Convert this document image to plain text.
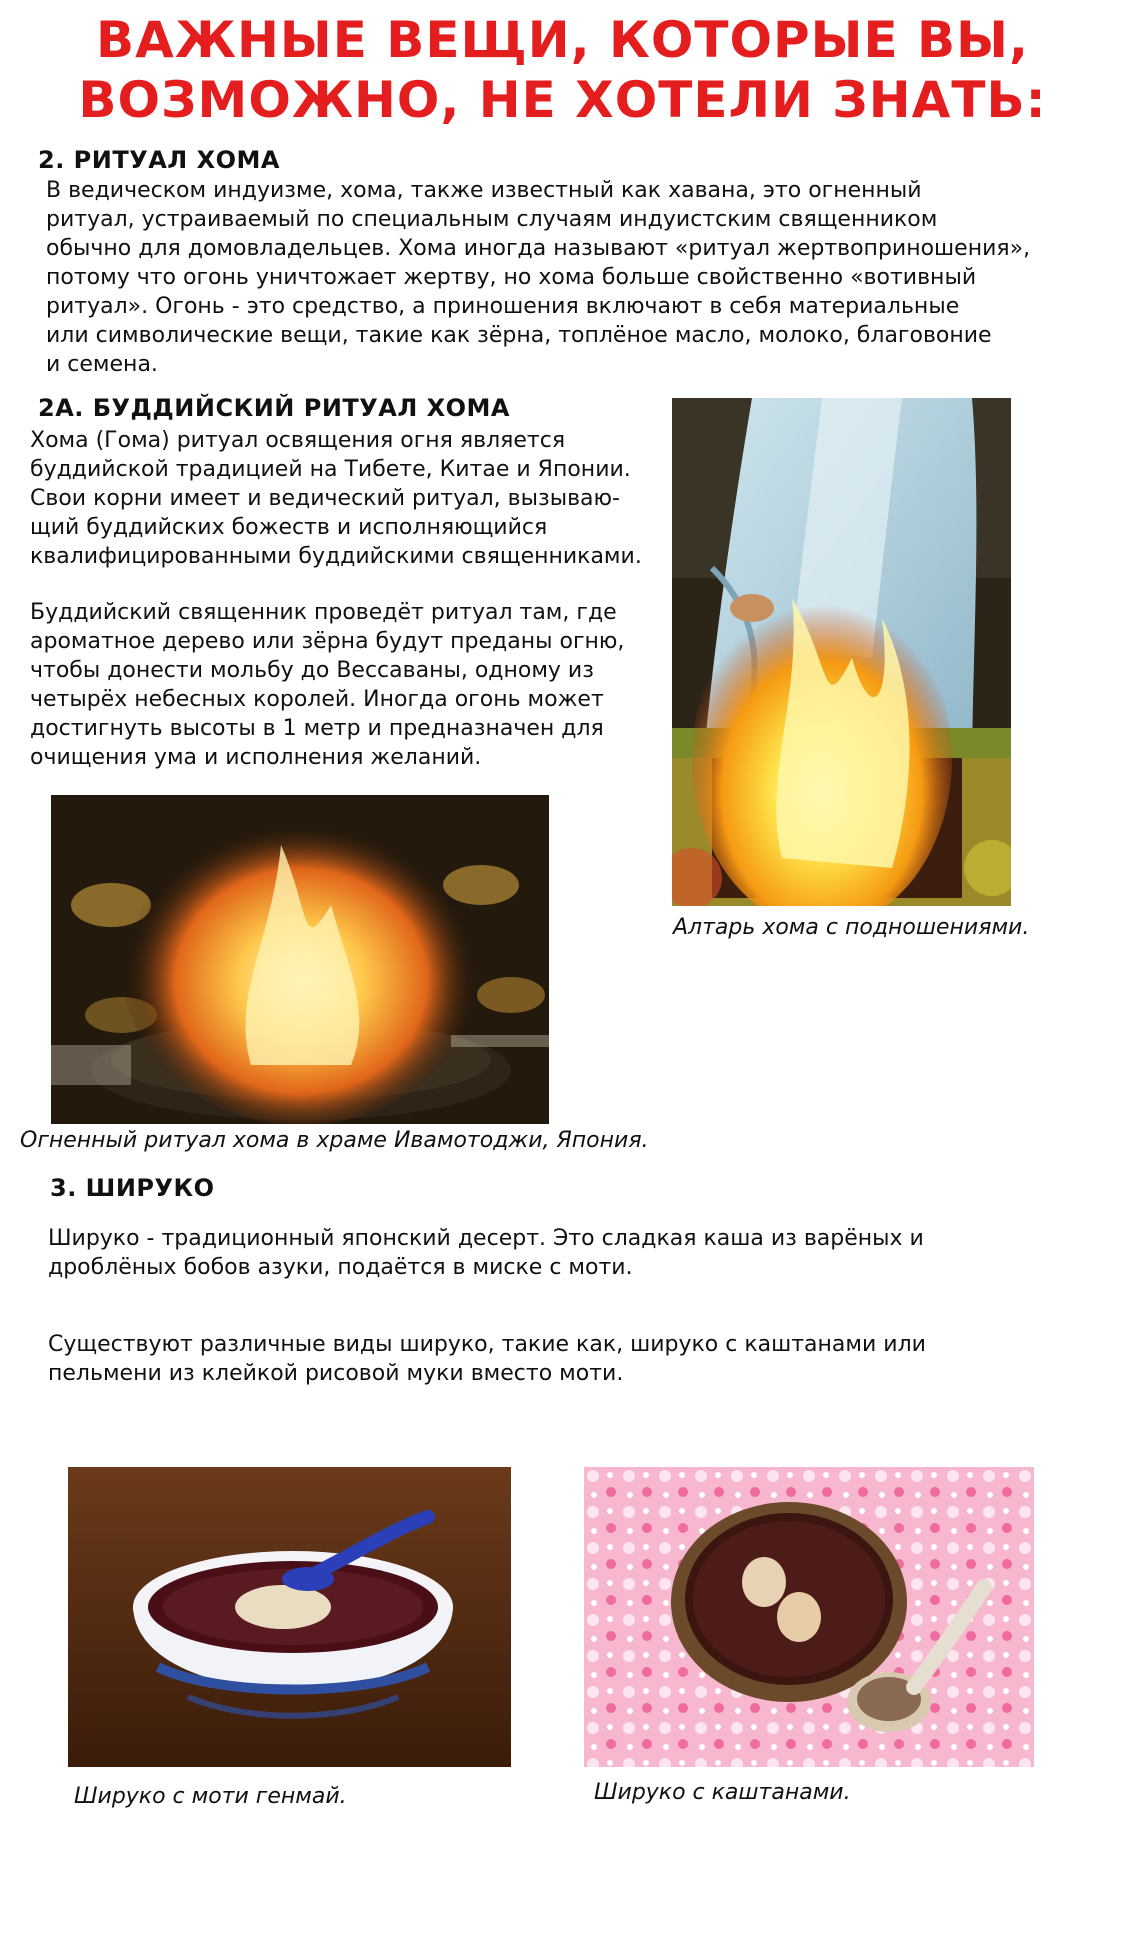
ВАЖНЫЕ ВЕЩИ, КОТОРЫЕ ВЫ,
ВОЗМОЖНО, НЕ ХОТЕЛИ ЗНАТЬ:
2. РИТУАЛ ХОМА
В ведическом индуизме, хома, также известный как хавана, это огненный
ритуал, устраиваемый по специальным случаям индуистским священником
обычно для домовладельцев. Хома иногда называют «ритуал жертвоприношения»,
потому что огонь уничтожает жертву, но хома больше свойственно «вотивный
ритуал». Огонь - это средство, а приношения включают в себя материальные
или символические вещи, такие как зёрна, топлёное масло, молоко, благовоние
и семена.
2А. БУДДИЙСКИЙ РИТУАЛ ХОМА
Хома (Гома) ритуал освящения огня является
буддийской традицией на Тибете, Китае и Японии.
Свои корни имеет и ведический ритуал, вызываю-
щий буддийских божеств и исполняющийся
квалифицированными буддийскими священниками.
Буддийский священник проведёт ритуал там, где
ароматное дерево или зёрна будут преданы огню,
чтобы донести мольбу до Вессаваны, одному из
четырёх небесных королей. Иногда огонь может
достигнуть высоты в 1 метр и предназначен для
очищения ума и исполнения желаний.
Алтарь хома с подношениями.
Огненный ритуал хома в храме Ивамотоджи, Япония.
3. ШИРУКО
Шируко - традиционный японский десерт. Это сладкая каша из варёных и
дроблёных бобов азуки, подаётся в миске с моти.
Существуют различные виды шируко, такие как, шируко с каштанами или
пельмени из клейкой рисовой муки вместо моти.
Шируко с моти генмай.	Шируко с каштанами.
